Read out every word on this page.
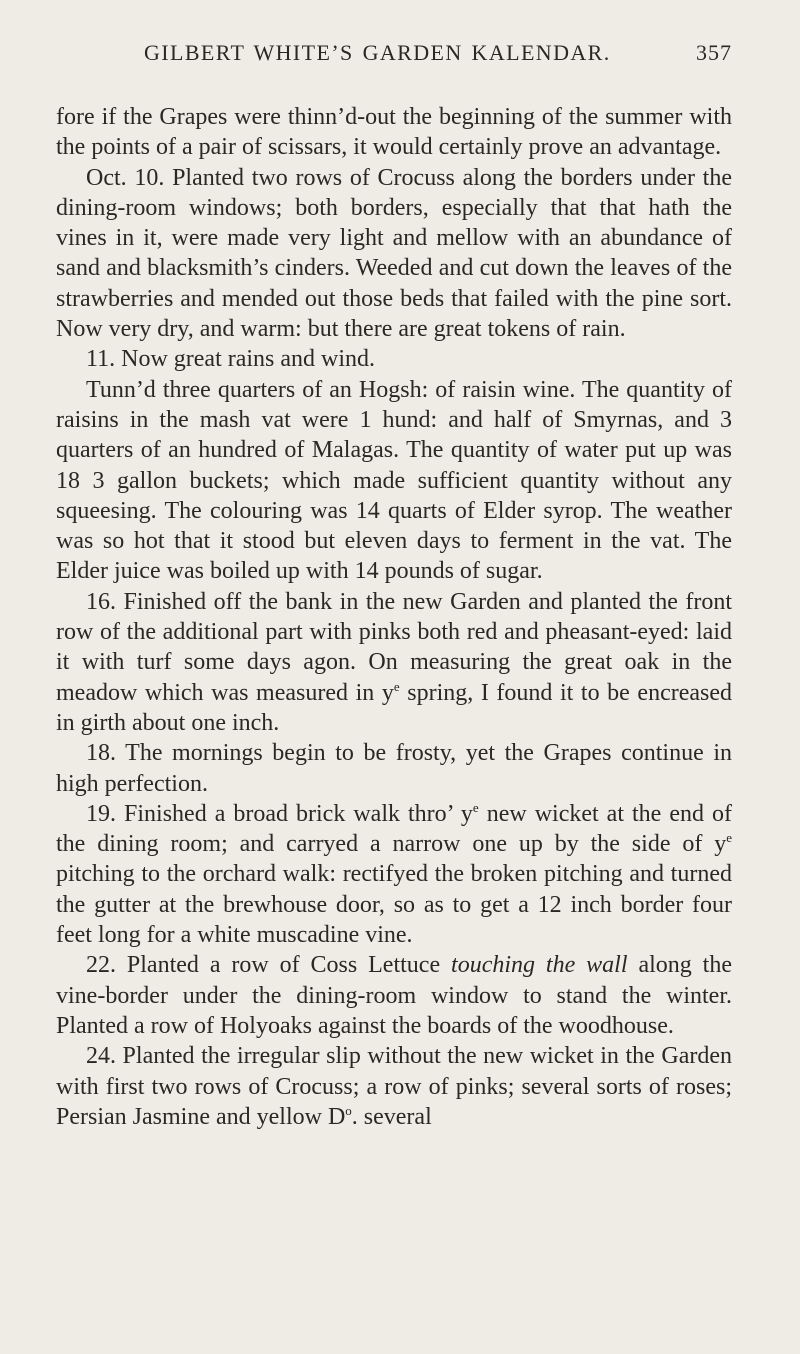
GILBERT WHITE’S GARDEN KALENDAR.	357

fore if the Grapes were thinn’d-out the beginning of the summer with the points of a pair of scissars, it would certainly prove an advantage.

Oct. 10. Planted two rows of Crocuss along the borders under the dining-room windows; both borders, especially that that hath the vines in it, were made very light and mellow with an abundance of sand and blacksmith’s cinders. Weeded and cut down the leaves of the strawberries and mended out those beds that failed with the pine sort. Now very dry, and warm: but there are great tokens of rain.

11. Now great rains and wind.

Tunn’d three quarters of an Hogsh: of raisin wine. The quantity of raisins in the mash vat were 1 hund: and half of Smyrnas, and 3 quarters of an hundred of Malagas. The quantity of water put up was 18 3 gallon buckets; which made sufficient quantity without any squeesing. The colouring was 14 quarts of Elder syrop. The weather was so hot that it stood but eleven days to ferment in the vat. The Elder juice was boiled up with 14 pounds of sugar.

16. Finished off the bank in the new Garden and planted the front row of the additional part with pinks both red and pheasant-eyed: laid it with turf some days agon. On measuring the great oak in the meadow which was measured in $y^e$ spring, I found it to be encreased in girth about one inch.

18. The mornings begin to be frosty, yet the Grapes continue in high perfection.

19. Finished a broad brick walk thro’ $y^e$ new wicket at the end of the dining room; and carryed a narrow one up by the side of $y^e$ pitching to the orchard walk: rectifyed the broken pitching and turned the gutter at the brewhouse door, so as to get a 12 inch border four feet long for a white muscadine vine.

22. Planted a row of Coss Lettuce touching the wall along the vine-border under the dining-room window to stand the winter. Planted a row of Holyoaks against the boards of the woodhouse.

24. Planted the irregular slip without the new wicket in the Garden with first two rows of Crocuss; a row of pinks; several sorts of roses; Persian Jasmine and yellow $D^o$. several
